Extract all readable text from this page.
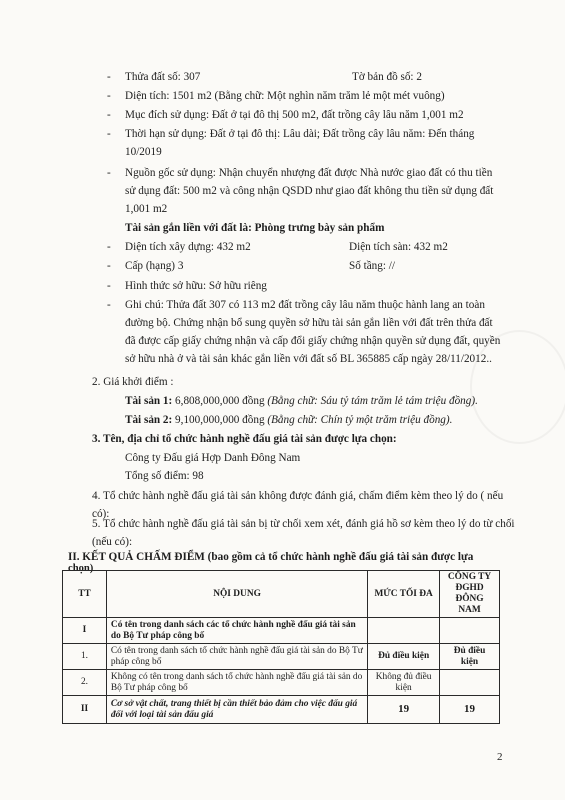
- Thửa đất số: 307	Tờ bản đồ số: 2
- Diện tích: 1501 m2 (Bằng chữ: Một nghìn năm trăm lẻ một mét vuông)
- Mục đích sử dụng: Đất ở tại đô thị 500 m2, đất trồng cây lâu năm 1,001 m2
- Thời hạn sử dụng: Đất ở tại đô thị: Lâu dài; Đất trồng cây lâu năm: Đến tháng
10/2019
- Nguồn gốc sử dụng: Nhận chuyển nhượng đất được Nhà nước giao đất có thu tiền
sử dụng đất: 500 m2 và công nhận QSDD như giao đất không thu tiền sử dụng đất
1,001 m2
Tài sản gắn liền với đất là: Phòng trưng bày sản phẩm
- Diện tích xây dựng: 432 m2	Diện tích sàn: 432 m2
- Cấp (hạng) 3	Số tầng: //
- Hình thức sở hữu: Sở hữu riêng
- Ghi chú: Thửa đất 307 có 113 m2 đất trồng cây lâu năm thuộc hành lang an toàn
đường bộ. Chứng nhận bổ sung quyền sở hữu tài sản gắn liền với đất trên thửa đất
đã được cấp giấy chứng nhận và cấp đổi giấy chứng nhận quyền sử dụng đất, quyền
sở hữu nhà ở và tài sản khác gắn liền với đất số BL 365885 cấp ngày 28/11/2012..
2. Giá khởi điểm :
Tài sản 1: 6,808,000,000 đồng (Bằng chữ: Sáu tỷ tám trăm lẻ tám triệu đồng).
Tài sản 2: 9,100,000,000 đồng (Bằng chữ: Chín tỷ một trăm triệu đồng).
3. Tên, địa chỉ tổ chức hành nghề đấu giá tài sản được lựa chọn:
Công ty Đấu giá Hợp Danh Đông Nam
Tổng số điểm: 98
4. Tổ chức hành nghề đấu giá tài sản không được đánh giá, chấm điểm kèm theo lý do ( nếu
có):
5. Tổ chức hành nghề đấu giá tài sản bị từ chối xem xét, đánh giá hồ sơ kèm theo lý do từ chối
(nếu có):
II. KẾT QUẢ CHẤM ĐIỂM (bao gồm cả tổ chức hành nghề đấu giá tài sản được lựa
chọn)
TT	NỘI DUNG	MỨC TỐI ĐA	CÔNG TY
ĐGHD
ĐÔNG NAM

I	Có tên trong danh sách các tổ chức hành nghề đấu giá tài sản do Bộ Tư pháp công bố		
1.	Có tên trong danh sách tổ chức hành nghề đấu giá tài sản do Bộ Tư pháp công bố	Đủ điều kiện	Đủ điều kiện
2.	Không có tên trong danh sách tổ chức hành nghề đấu giá tài sản do Bộ Tư pháp công bố	Không đủ điều kiện	
II	Cơ sở vật chất, trang thiết bị cần thiết bảo đảm cho việc đấu giá đối với loại tài sản đấu giá	19	19
2
